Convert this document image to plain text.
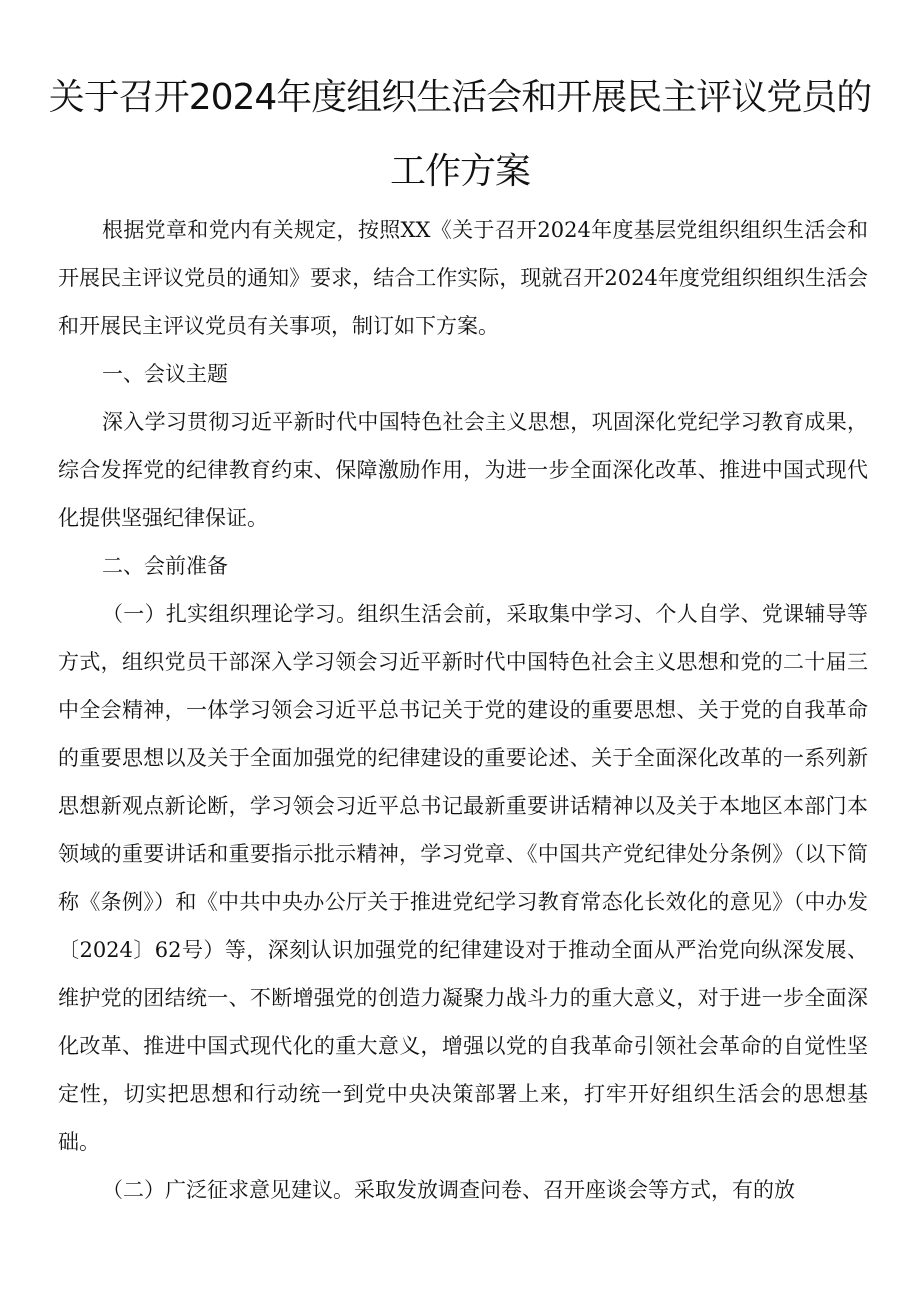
关于召开2024年度组织生活会和开展民主评议党员的
工作方案

根据党章和党内有关规定，按照XX《关于召开2024年度基层党组织组织生活会和开展民主评议党员的通知》要求，结合工作实际，现就召开2024年度党组织组织生活会和开展民主评议党员有关事项，制订如下方案。

一、会议主题

深入学习贯彻习近平新时代中国特色社会主义思想，巩固深化党纪学习教育成果，综合发挥党的纪律教育约束、保障激励作用，为进一步全面深化改革、推进中国式现代化提供坚强纪律保证。

二、会前准备

（一）扎实组织理论学习。组织生活会前，采取集中学习、个人自学、党课辅导等方式，组织党员干部深入学习领会习近平新时代中国特色社会主义思想和党的二十届三中全会精神，一体学习领会习近平总书记关于党的建设的重要思想、关于党的自我革命的重要思想以及关于全面加强党的纪律建设的重要论述、关于全面深化改革的一系列新思想新观点新论断，学习领会习近平总书记最新重要讲话精神以及关于本地区本部门本领域的重要讲话和重要指示批示精神，学习党章、《中国共产党纪律处分条例》（以下简称《条例》）和《中共中央办公厅关于推进党纪学习教育常态化长效化的意见》（中办发〔2024〕62号）等，深刻认识加强党的纪律建设对于推动全面从严治党向纵深发展、维护党的团结统一、不断增强党的创造力凝聚力战斗力的重大意义，对于进一步全面深化改革、推进中国式现代化的重大意义，增强以党的自我革命引领社会革命的自觉性坚定性，切实把思想和行动统一到党中央决策部署上来，打牢开好组织生活会的思想基础。

（二）广泛征求意见建议。采取发放调查问卷、召开座谈会等方式，有的放
